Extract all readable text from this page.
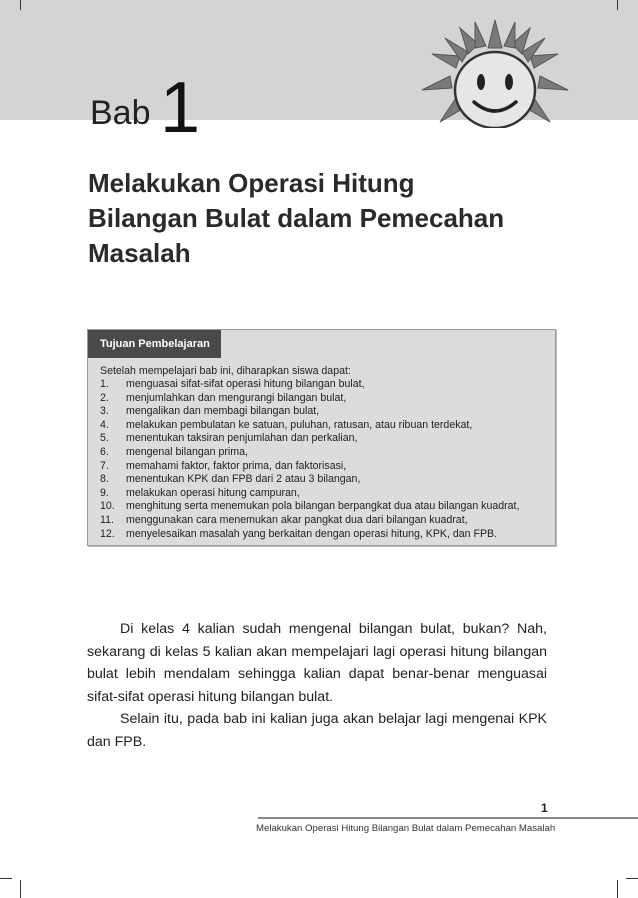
Bab 1
Melakukan Operasi Hitung
Bilangan Bulat dalam Pemecahan
Masalah
Tujuan Pembelajaran
Setelah mempelajari bab ini, diharapkan siswa dapat:
1. menguasai sifat-sifat operasi hitung bilangan bulat,
2. menjumlahkan dan mengurangi bilangan bulat,
3. mengalikan dan membagi bilangan bulat,
4. melakukan pembulatan ke satuan, puluhan, ratusan, atau ribuan terdekat,
5. menentukan taksiran penjumlahan dan perkalian,
6. mengenal bilangan prima,
7. memahami faktor, faktor prima, dan faktorisasi,
8. menentukan KPK dan FPB dari 2 atau 3 bilangan,
9. melakukan operasi hitung campuran,
10. menghitung serta menemukan pola bilangan berpangkat dua atau bilangan kuadrat,
11. menggunakan cara menemukan akar pangkat dua dari bilangan kuadrat,
12. menyelesaikan masalah yang berkaitan dengan operasi hitung, KPK, dan FPB.

Di kelas 4 kalian sudah mengenal bilangan bulat, bukan? Nah, sekarang di kelas 5 kalian akan mempelajari lagi operasi hitung bilangan bulat lebih mendalam sehingga kalian dapat benar-benar menguasai sifat-sifat operasi hitung bilangan bulat.

Selain itu, pada bab ini kalian juga akan belajar lagi mengenai KPK dan FPB.

1
Melakukan Operasi Hitung Bilangan Bulat dalam Pemecahan Masalah
